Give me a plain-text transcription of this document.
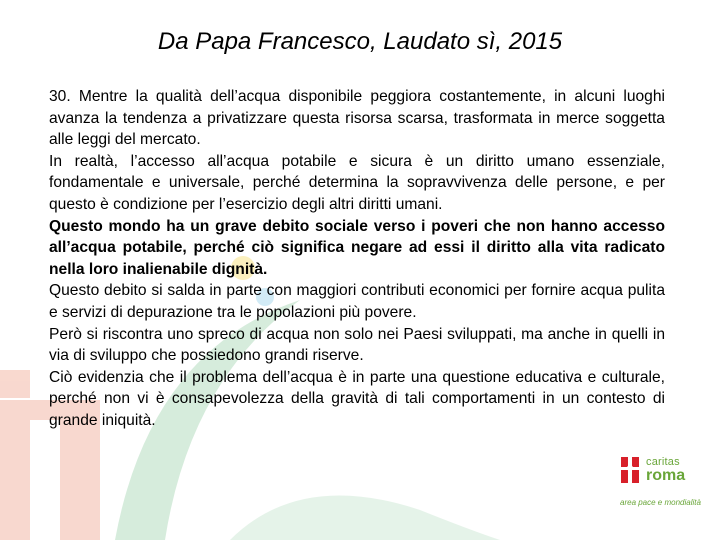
Da Papa Francesco, Laudato sì, 2015

30. Mentre la qualità dell’acqua disponibile peggiora costantemente, in alcuni luoghi avanza la tendenza a privatizzare questa risorsa scarsa, trasformata in merce soggetta alle leggi del mercato.

In realtà, l’accesso all’acqua potabile e sicura è un diritto umano essenziale, fondamentale e universale, perché determina la sopravvivenza delle persone, e per questo è condizione per l’esercizio degli altri diritti umani.

Questo mondo ha un grave debito sociale verso i poveri che non hanno accesso all’acqua potabile, perché ciò significa negare ad essi il diritto alla vita radicato nella loro inalienabile dignità.

Questo debito si salda in parte con maggiori contributi economici per fornire acqua pulita e servizi di depurazione tra le popolazioni più povere.

Però si riscontra uno spreco di acqua non solo nei Paesi sviluppati, ma anche in quelli in via di sviluppo che possiedono grandi riserve.

Ciò evidenzia che il problema dell’acqua è in parte una questione educativa e culturale, perché non vi è consapevolezza della gravità di tali comportamenti in un contesto di grande iniquità.

caritas
roma
area pace e mondialità
